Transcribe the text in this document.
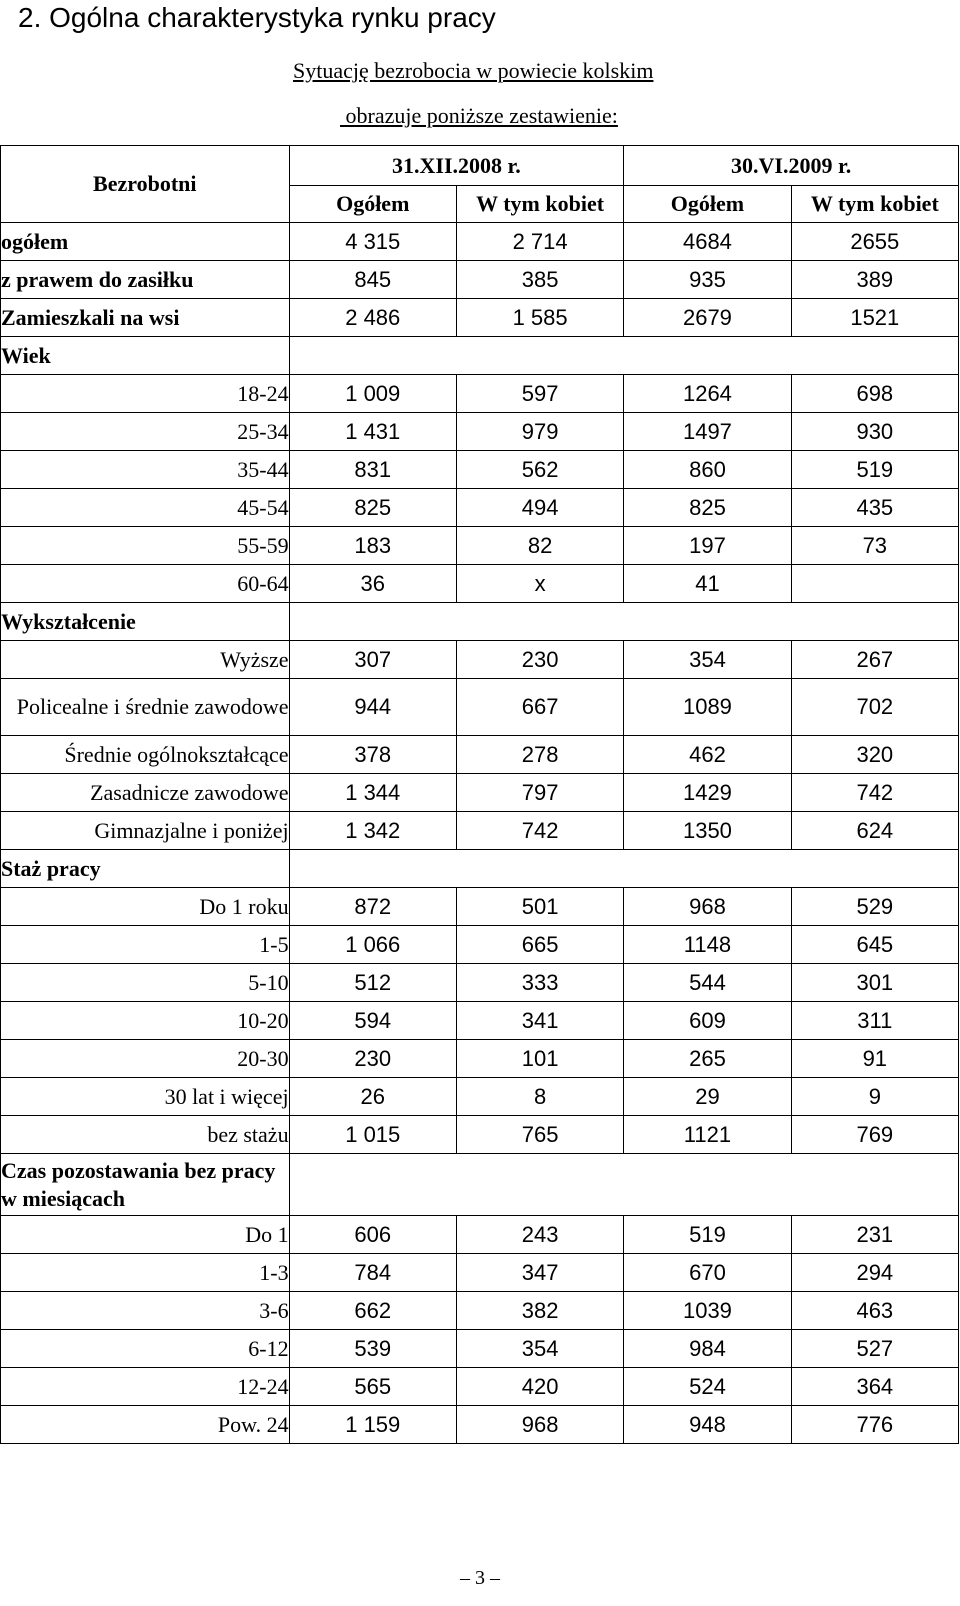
2. Ogólna charakterystyka rynku pracy
Sytuację bezrobocia w powiecie kolskim
obrazuje poniższe zestawienie:
Bezrobotni	31.XII.2008 r.		30.VI.2009 r.	
	Ogółem	W tym kobiet	Ogółem	W tym kobiet
ogółem	4 315	2 714	4684	2655
z prawem do zasiłku	845	385	935	389
Zamieszkali na wsi	2 486	1 585	2679	1521
Wiek				
18-24	1 009	597	1264	698
25-34	1 431	979	1497	930
35-44	831	562	860	519
45-54	825	494	825	435
55-59	183	82	197	73
60-64	36	x	41	
Wykształcenie				
Wyższe	307	230	354	267
Policealne i średnie zawodowe	944	667	1089	702
Średnie ogólnokształcące	378	278	462	320
Zasadnicze zawodowe	1 344	797	1429	742
Gimnazjalne i poniżej	1 342	742	1350	624
Staż pracy				
Do 1 roku	872	501	968	529
1-5	1 066	665	1148	645
5-10	512	333	544	301
10-20	594	341	609	311
20-30	230	101	265	91
30 lat i więcej	26	8	29	9
bez stażu	1 015	765	1121	769
Czas pozostawania bez pracy w miesiącach				
Do 1	606	243	519	231
1-3	784	347	670	294
3-6	662	382	1039	463
6-12	539	354	984	527
12-24	565	420	524	364
Pow. 24	1 159	968	948	776
– 3 –
